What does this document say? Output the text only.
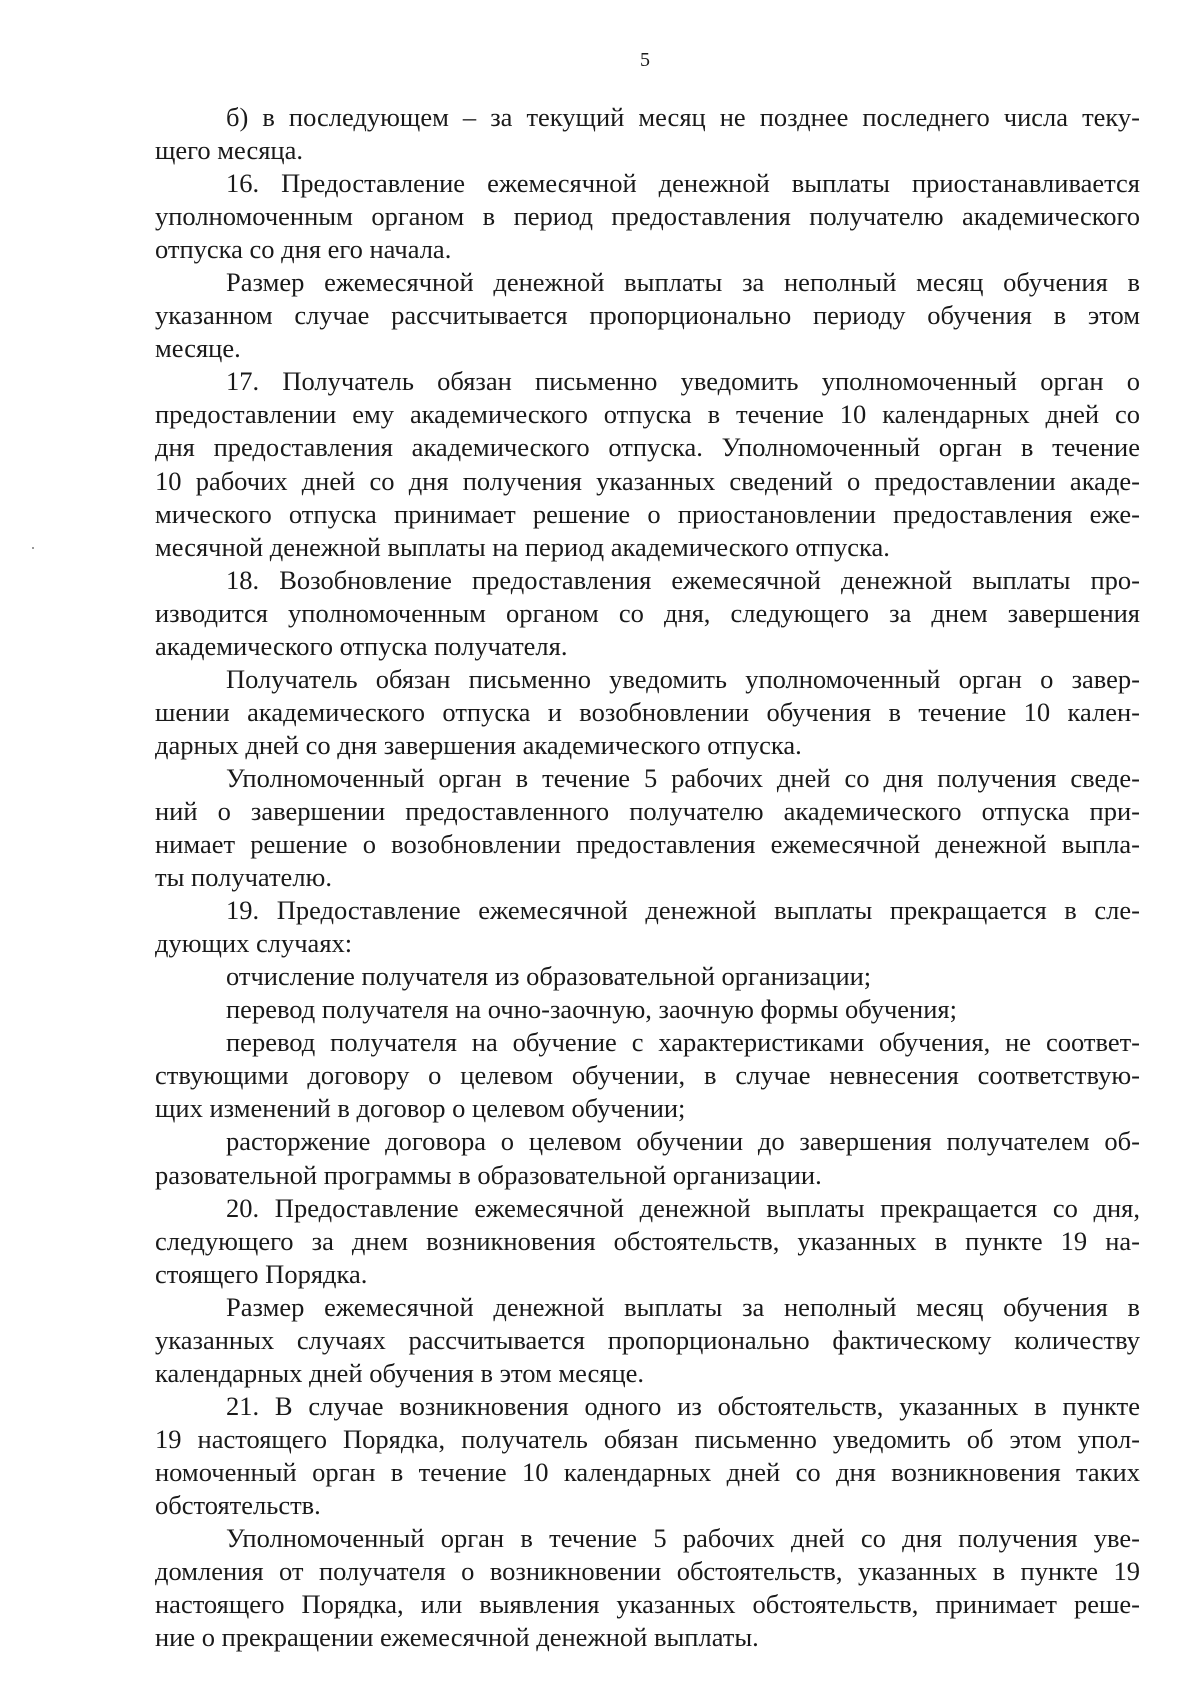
5
б) в последующем – за текущий месяц не позднее последнего числа теку-
щего месяца.
16. Предоставление ежемесячной денежной выплаты приостанавливается
уполномоченным органом в период предоставления получателю академического
отпуска со дня его начала.
Размер ежемесячной денежной выплаты за неполный месяц обучения в
указанном случае рассчитывается пропорционально периоду обучения в этом
месяце.
17. Получатель обязан письменно уведомить уполномоченный орган о
предоставлении ему академического отпуска в течение 10 календарных дней со
дня предоставления академического отпуска. Уполномоченный орган в течение
10 рабочих дней со дня получения указанных сведений о предоставлении акаде-
мического отпуска принимает решение о приостановлении предоставления еже-
месячной денежной выплаты на период академического отпуска.
18. Возобновление предоставления ежемесячной денежной выплаты про-
изводится уполномоченным органом со дня, следующего за днем завершения
академического отпуска получателя.
Получатель обязан письменно уведомить уполномоченный орган о завер-
шении академического отпуска и возобновлении обучения в течение 10 кален-
дарных дней со дня завершения академического отпуска.
Уполномоченный орган в течение 5 рабочих дней со дня получения сведе-
ний о завершении предоставленного получателю академического отпуска при-
нимает решение о возобновлении предоставления ежемесячной денежной выпла-
ты получателю.
19. Предоставление ежемесячной денежной выплаты прекращается в сле-
дующих случаях:
отчисление получателя из образовательной организации;
перевод получателя на очно-заочную, заочную формы обучения;
перевод получателя на обучение с характеристиками обучения, не соответ-
ствующими договору о целевом обучении, в случае невнесения соответствую-
щих изменений в договор о целевом обучении;
расторжение договора о целевом обучении до завершения получателем об-
разовательной программы в образовательной организации.
20. Предоставление ежемесячной денежной выплаты прекращается со дня,
следующего за днем возникновения обстоятельств, указанных в пункте 19 на-
стоящего Порядка.
Размер ежемесячной денежной выплаты за неполный месяц обучения в
указанных случаях рассчитывается пропорционально фактическому количеству
календарных дней обучения в этом месяце.
21. В случае возникновения одного из обстоятельств, указанных в пункте
19 настоящего Порядка, получатель обязан письменно уведомить об этом упол-
номоченный орган в течение 10 календарных дней со дня возникновения таких
обстоятельств.
Уполномоченный орган в течение 5 рабочих дней со дня получения уве-
домления от получателя о возникновении обстоятельств, указанных в пункте 19
настоящего Порядка, или выявления указанных обстоятельств, принимает реше-
ние о прекращении ежемесячной денежной выплаты.
